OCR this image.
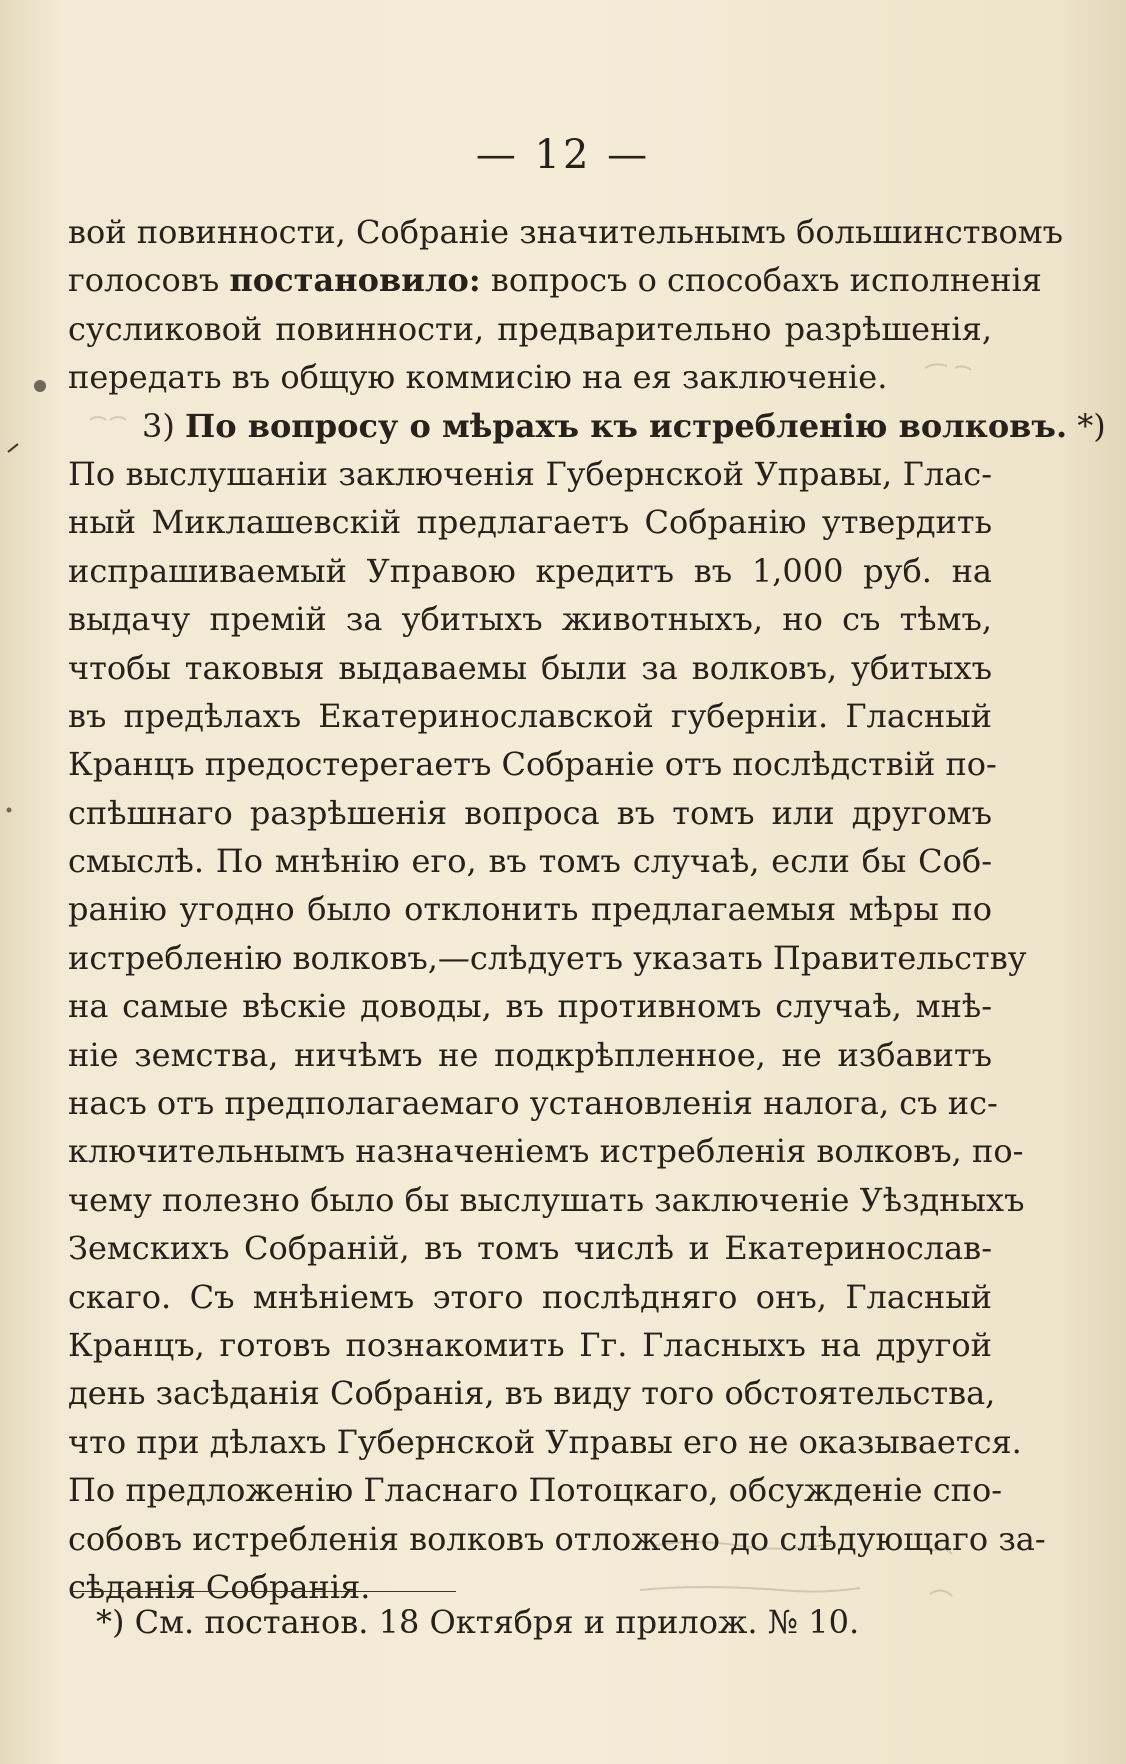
— 12 —
вой повинности, Собраніе значительнымъ большинствомъ
голосовъ постановило: вопросъ о способахъ исполненія
сусликовой повинности, предварительно разрѣшенія,
передать въ общую коммисію на ея заключеніе.
3) По вопросу о мѣрахъ къ истребленію волковъ. *)
По выслушаніи заключенія Губернской Управы, Глас-
ный Миклашевскій предлагаетъ Собранію утвердить
испрашиваемый Управою кредитъ въ 1,000 руб. на
выдачу премій за убитыхъ животныхъ, но съ тѣмъ,
чтобы таковыя выдаваемы были за волковъ, убитыхъ
въ предѣлахъ Екатеринославской губерніи. Гласный
Кранцъ предостерегаетъ Собраніе отъ послѣдствій по-
спѣшнаго разрѣшенія вопроса въ томъ или другомъ
смыслѣ. По мнѣнію его, въ томъ случаѣ, если бы Соб-
ранію угодно было отклонить предлагаемыя мѣры по
истребленію волковъ,—слѣдуетъ указать Правительству
на самые вѣскіе доводы, въ противномъ случаѣ, мнѣ-
ніе земства, ничѣмъ не подкрѣпленное, не избавитъ
насъ отъ предполагаемаго установленія налога, съ ис-
ключительнымъ назначеніемъ истребленія волковъ, по-
чему полезно было бы выслушать заключеніе Уѣздныхъ
Земскихъ Собраній, въ томъ числѣ и Екатеринослав-
скаго. Съ мнѣніемъ этого послѣдняго онъ, Гласный
Кранцъ, готовъ познакомить Гг. Гласныхъ на другой
день засѣданія Собранія, въ виду того обстоятельства,
что при дѣлахъ Губернской Управы его не оказывается.
По предложенію Гласнаго Потоцкаго, обсужденіе спо-
собовъ истребленія волковъ отложено до слѣдующаго за-
сѣданія Собранія.
*) См. постанов. 18 Октября и прилож. № 10.
